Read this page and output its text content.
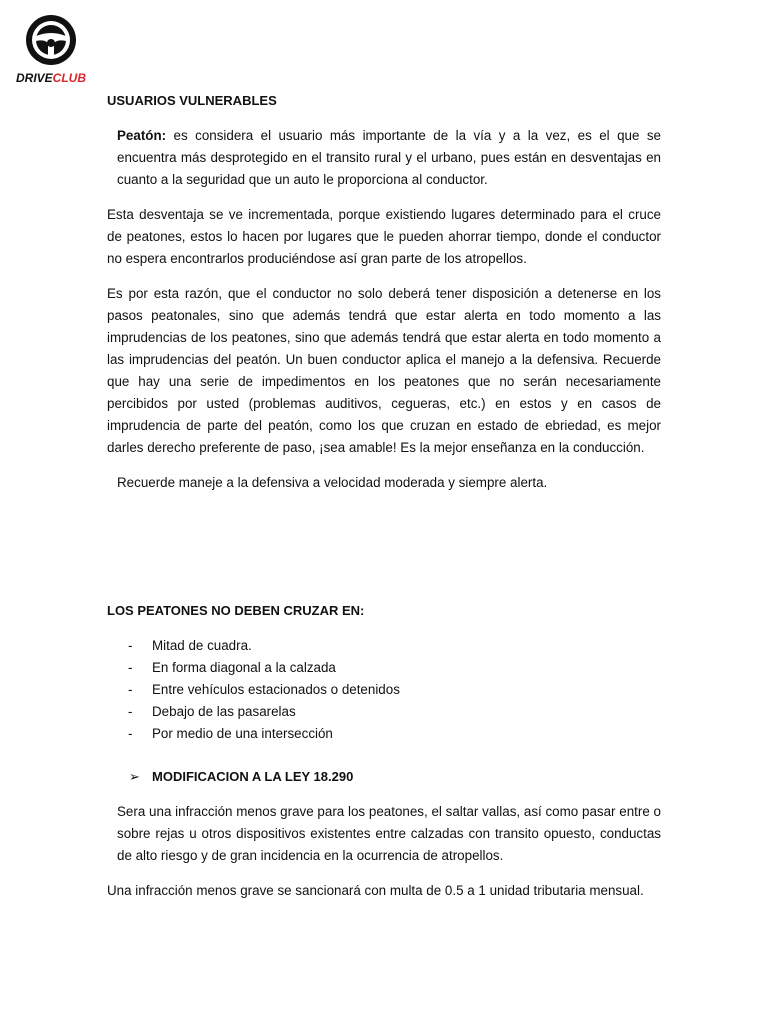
DRIVECLUB
USUARIOS VULNERABLES

Peatón: es considera el usuario más importante de la vía y a la vez, es el que se encuentra más desprotegido en el transito rural y el urbano, pues están en desventajas en cuanto a la seguridad que un auto le proporciona al conductor.

Esta desventaja se ve incrementada, porque existiendo lugares determinado para el cruce de peatones, estos lo hacen por lugares que le pueden ahorrar tiempo, donde el conductor no espera encontrarlos produciéndose así gran parte de los atropellos.

Es por esta razón, que el conductor no solo deberá tener disposición a detenerse en los pasos peatonales, sino que además tendrá que estar alerta en todo momento a las imprudencias de los peatones, sino que además tendrá que estar alerta en todo momento a las imprudencias del peatón. Un buen conductor aplica el manejo a la defensiva. Recuerde que hay una serie de impedimentos en los peatones que no serán necesariamente percibidos por usted (problemas auditivos, cegueras, etc.) en estos y en casos de imprudencia de parte del peatón, como los que cruzan en estado de ebriedad, es mejor darles derecho preferente de paso, ¡sea amable! Es la mejor enseñanza en la conducción.

Recuerde maneje a la defensiva a velocidad moderada y siempre alerta.

LOS PEATONES NO DEBEN CRUZAR EN:
- Mitad de cuadra.
- En forma diagonal a la calzada
- Entre vehículos estacionados o detenidos
- Debajo de las pasarelas
- Por medio de una intersección
➢ MODIFICACION A LA LEY 18.290

Sera una infracción menos grave para los peatones, el saltar vallas, así como pasar entre o sobre rejas u otros dispositivos existentes entre calzadas con transito opuesto, conductas de alto riesgo y de gran incidencia en la ocurrencia de atropellos.

Una infracción menos grave se sancionará con multa de 0.5 a 1 unidad tributaria mensual.
